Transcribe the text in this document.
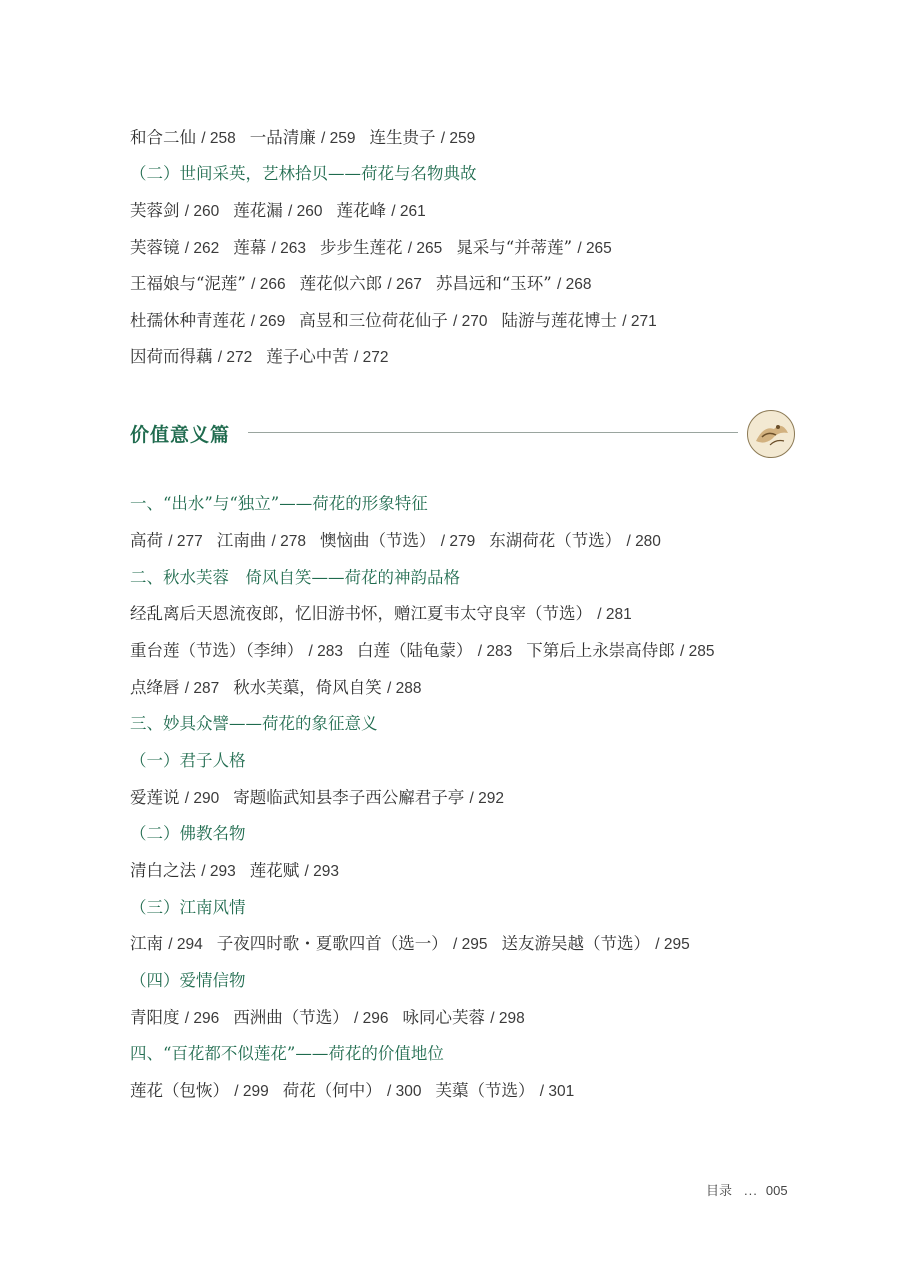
和合二仙 / 258 一品清廉 / 259 连生贵子 / 259
（二）世间采英，艺林拾贝——荷花与名物典故
芙蓉剑 / 260 莲花漏 / 260 莲花峰 / 261
芙蓉镜 / 262 莲幕 / 263 步步生莲花 / 265 晁采与“并蒂莲” / 265
王福娘与“泥莲” / 266 莲花似六郎 / 267 苏昌远和“玉环” / 268
杜孺休种青莲花 / 269 高昱和三位荷花仙子 / 270 陆游与莲花博士 / 271
因荷而得藕 / 272 莲子心中苦 / 272
一、“出水”与“独立”——荷花的形象特征
高荷 / 277 江南曲 / 278 懊恼曲（节选） / 279 东湖荷花（节选） / 280
二、秋水芙蓉　倚风自笑——荷花的神韵品格
经乱离后天恩流夜郎，忆旧游书怀，赠江夏韦太守良宰（节选） / 281
重台莲（节选）（李绅） / 283 白莲（陆龟蒙） / 283 下第后上永崇高侍郎 / 285
点绛唇 / 287 秋水芙蕖，倚风自笑 / 288
三、妙具众譬——荷花的象征意义
（一）君子人格
爱莲说 / 290 寄题临武知县李子西公廨君子亭 / 292
（二）佛教名物
清白之法 / 293 莲花赋 / 293
（三）江南风情
江南 / 294 子夜四时歌・夏歌四首（选一） / 295 送友游吴越（节选） / 295
（四）爱情信物
青阳度 / 296 西洲曲（节选） / 296 咏同心芙蓉 / 298
四、“百花都不似莲花”——荷花的价值地位
莲花（包恢） / 299 荷花（何中） / 300 芙蕖（节选） / 301
价值意义篇
目录 ... 005
